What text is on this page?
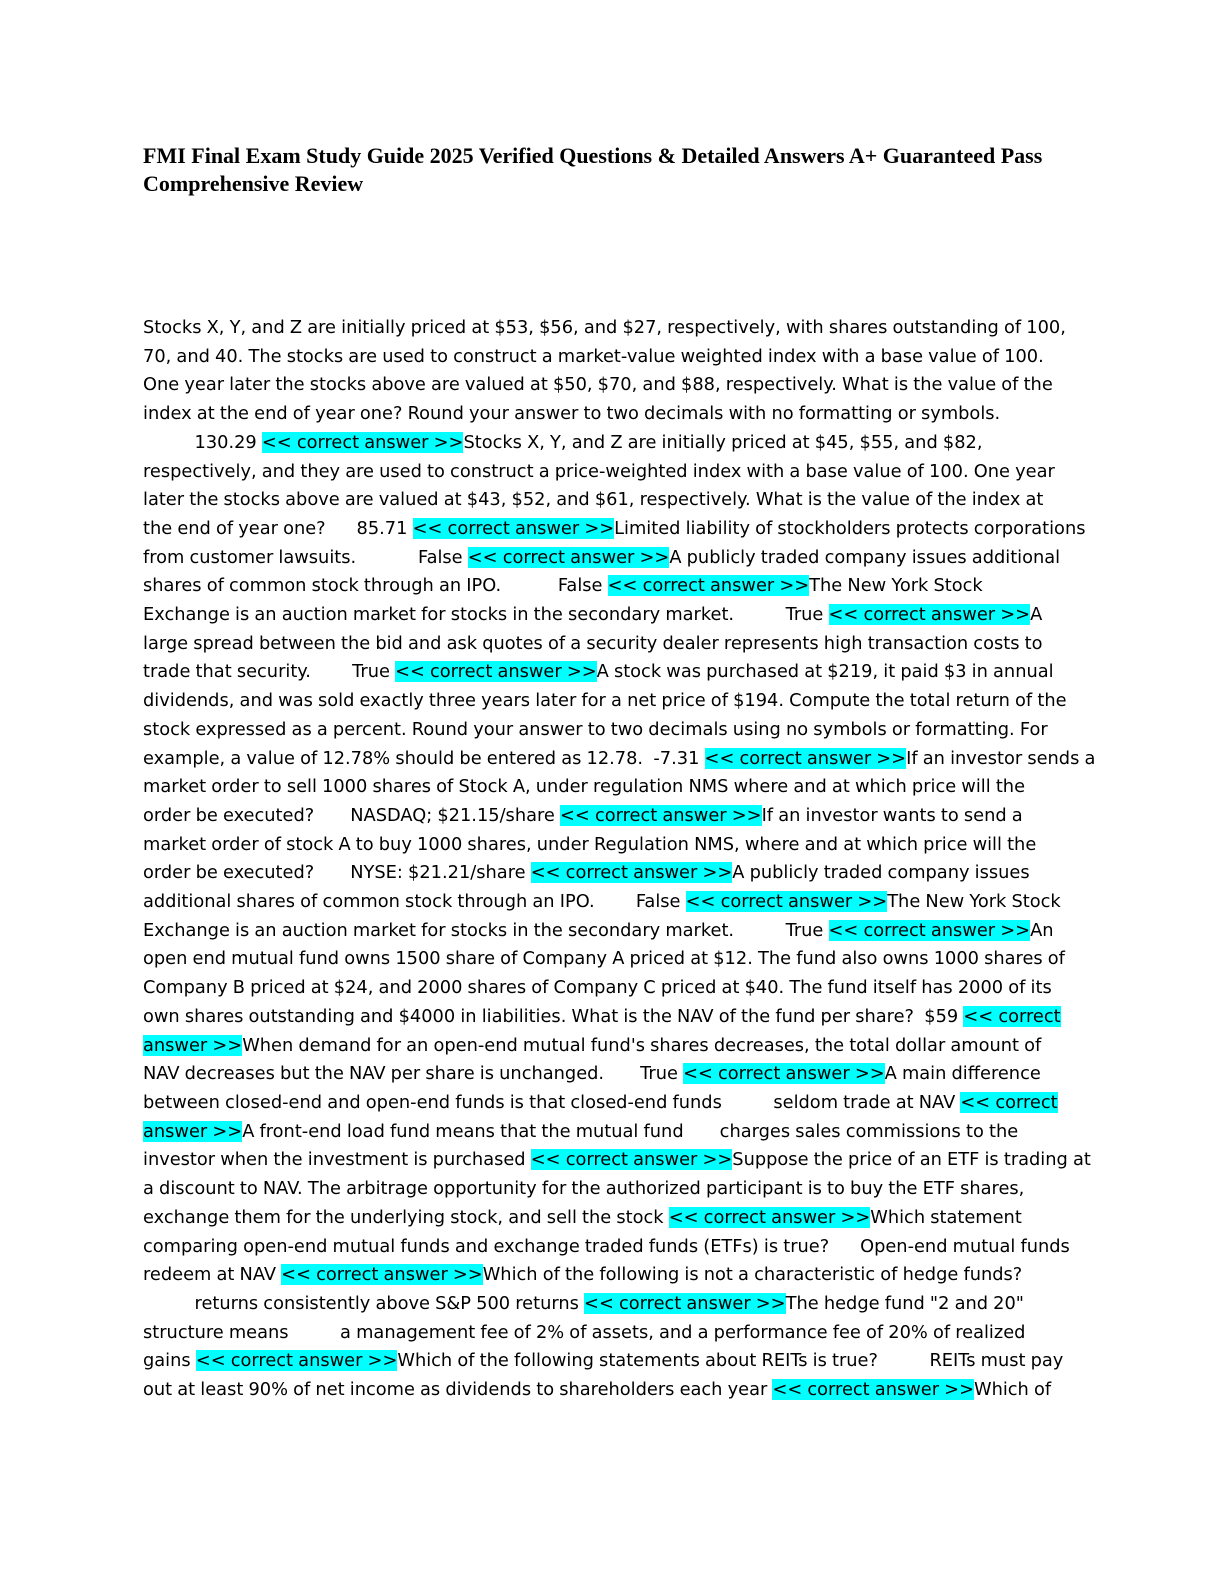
FMI Final Exam Study Guide 2025 Verified Questions & Detailed Answers A+ Guaranteed Pass Comprehensive Review
Stocks X, Y, and Z are initially priced at $53, $56, and $27, respectively, with shares outstanding of 100,
70, and 40. The stocks are used to construct a market-value weighted index with a base value of 100.
One year later the stocks above are valued at $50, $70, and $88, respectively. What is the value of the
index at the end of year one? Round your answer to two decimals with no formatting or symbols.
130.29 << correct answer >>Stocks X, Y, and Z are initially priced at $45, $55, and $82,
respectively, and they are used to construct a price-weighted index with a base value of 100. One year
later the stocks above are valued at $43, $52, and $61, respectively. What is the value of the index at
the end of year one?      85.71 << correct answer >>Limited liability of stockholders protects corporations
from customer lawsuits.            False << correct answer >>A publicly traded company issues additional
shares of common stock through an IPO.           False << correct answer >>The New York Stock
Exchange is an auction market for stocks in the secondary market.          True << correct answer >>A
large spread between the bid and ask quotes of a security dealer represents high transaction costs to
trade that security.        True << correct answer >>A stock was purchased at $219, it paid $3 in annual
dividends, and was sold exactly three years later for a net price of $194. Compute the total return of the
stock expressed as a percent. Round your answer to two decimals using no symbols or formatting. For
example, a value of 12.78% should be entered as 12.78.  -7.31 << correct answer >>If an investor sends a
market order to sell 1000 shares of Stock A, under regulation NMS where and at which price will the
order be executed?       NASDAQ; $21.15/share << correct answer >>If an investor wants to send a
market order of stock A to buy 1000 shares, under Regulation NMS, where and at which price will the
order be executed?       NYSE: $21.21/share << correct answer >>A publicly traded company issues
additional shares of common stock through an IPO.        False << correct answer >>The New York Stock
Exchange is an auction market for stocks in the secondary market.          True << correct answer >>An
open end mutual fund owns 1500 share of Company A priced at $12. The fund also owns 1000 shares of
Company B priced at $24, and 2000 shares of Company C priced at $40. The fund itself has 2000 of its
own shares outstanding and $4000 in liabilities. What is the NAV of the fund per share?  $59 << correct
answer >>When demand for an open-end mutual fund's shares decreases, the total dollar amount of
NAV decreases but the NAV per share is unchanged.       True << correct answer >>A main difference
between closed-end and open-end funds is that closed-end funds          seldom trade at NAV << correct
answer >>A front-end load fund means that the mutual fund       charges sales commissions to the
investor when the investment is purchased << correct answer >>Suppose the price of an ETF is trading at
a discount to NAV. The arbitrage opportunity for the authorized participant is to buy the ETF shares,
exchange them for the underlying stock, and sell the stock << correct answer >>Which statement
comparing open-end mutual funds and exchange traded funds (ETFs) is true?      Open-end mutual funds
redeem at NAV << correct answer >>Which of the following is not a characteristic of hedge funds?
returns consistently above S&P 500 returns << correct answer >>The hedge fund "2 and 20"
structure means          a management fee of 2% of assets, and a performance fee of 20% of realized
gains << correct answer >>Which of the following statements about REITs is true?          REITs must pay
out at least 90% of net income as dividends to shareholders each year << correct answer >>Which of
